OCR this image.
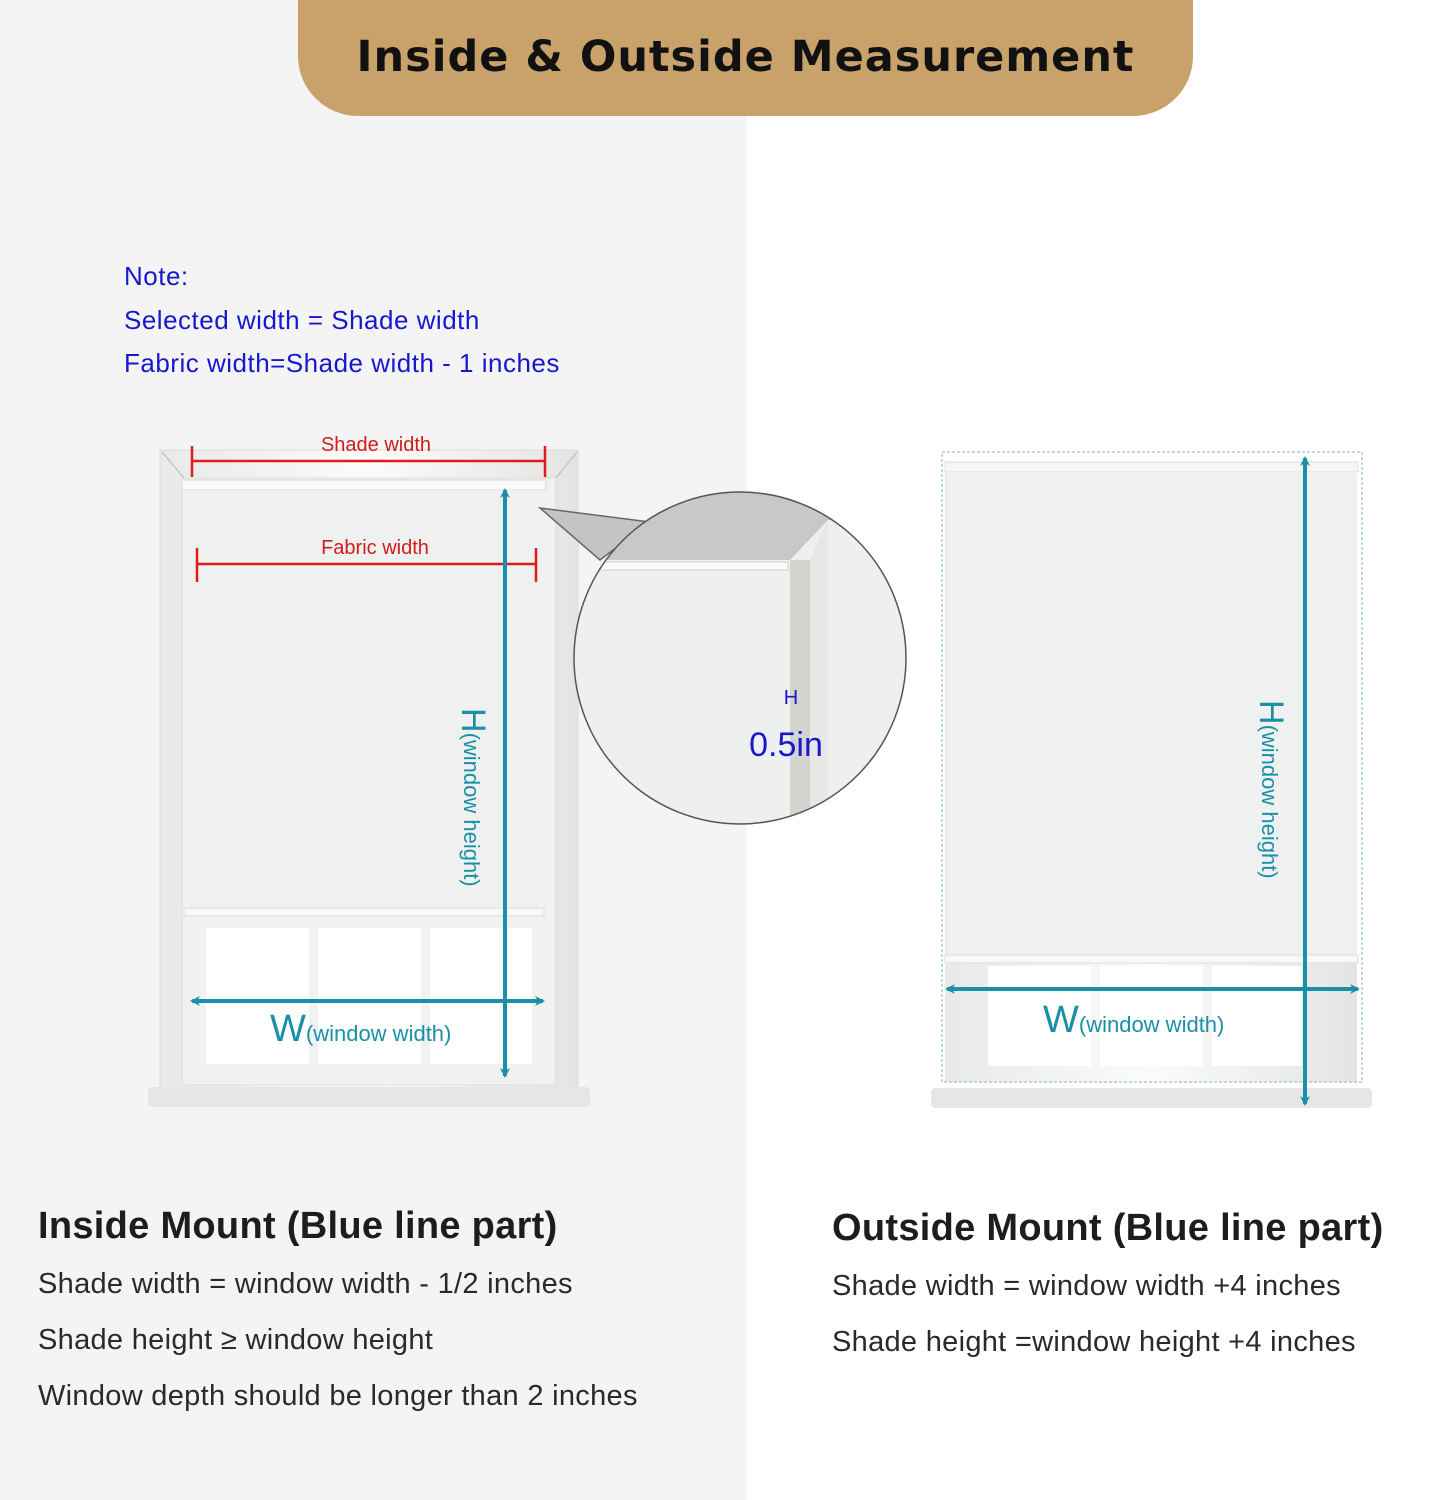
Inside & Outside Measurement
Note:
Selected width = Shade width
Fabric width=Shade width - 1 inches
Shade width
Fabric width
H(window height)
W(window width)
H
0.5in
H(window height)
W(window width)
Inside Mount (Blue line part)

Shade width = window width - 1/2 inches

Shade height ≥ window height

Window depth should be longer than 2 inches

Outside Mount (Blue line part)

Shade width = window width +4 inches

Shade height =window height +4 inches
